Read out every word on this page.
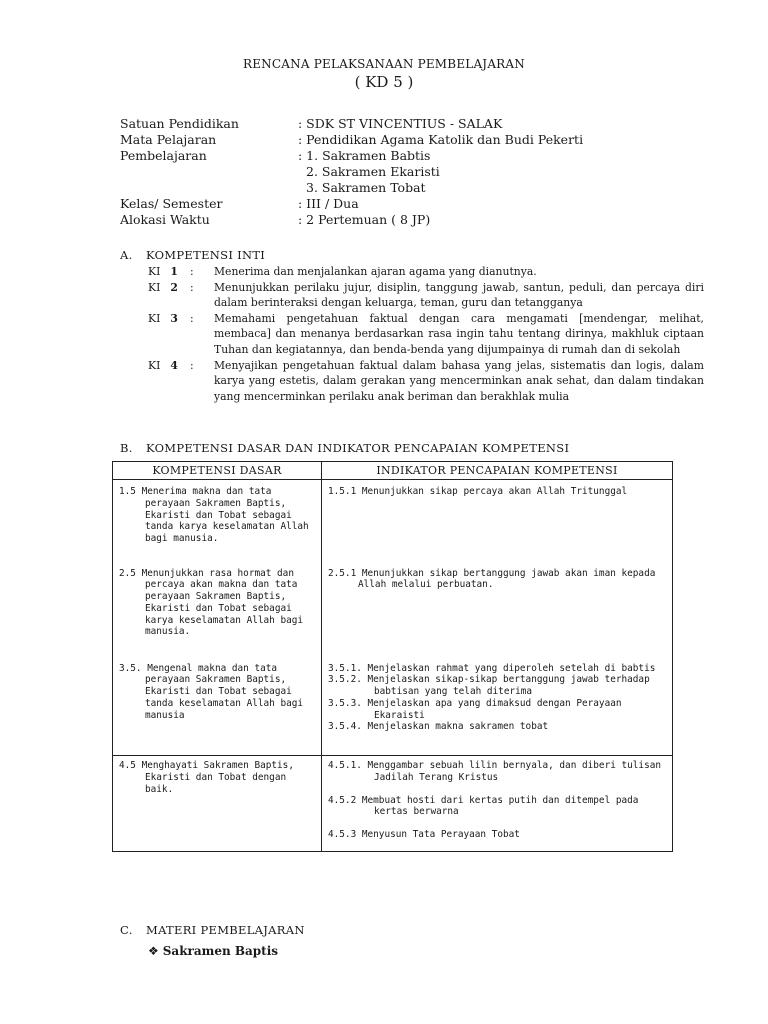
RENCANA PELAKSANAAN PEMBELAJARAN
( KD 5 )
Satuan Pendidikan	: SDK ST VINCENTIUS - SALAK
Mata Pelajaran	: Pendidikan Agama Katolik dan Budi Pekerti
Pembelajaran	: 1. Sakramen Babtis
2. Sakramen Ekaristi
3. Sakramen Tobat
Kelas/ Semester	: III / Dua
Alokasi Waktu	: 2 Pertemuan ( 8 JP)
A. KOMPETENSI INTI
KI 1	:	Menerima dan menjalankan ajaran agama yang dianutnya.
KI 2	:	Menunjukkan perilaku jujur, disiplin, tanggung jawab, santun, peduli, dan percaya diri dalam berinteraksi dengan keluarga, teman, guru dan tetangganya
KI 3	:	Memahami pengetahuan faktual dengan cara mengamati [mendengar, melihat, membaca] dan menanya berdasarkan rasa ingin tahu tentang dirinya, makhluk ciptaan Tuhan dan kegiatannya, dan benda-benda yang dijumpainya di rumah dan di sekolah
KI 4	:	Menyajikan pengetahuan faktual dalam bahasa yang jelas, sistematis dan logis, dalam karya yang estetis, dalam gerakan yang mencerminkan anak sehat, dan dalam tindakan yang mencerminkan perilaku anak beriman dan berakhlak mulia
B. KOMPETENSI DASAR DAN INDIKATOR PENCAPAIAN KOMPETENSI
KOMPETENSI DASAR	INDIKATOR PENCAPAIAN KOMPETENSI

1.5 Menerima makna dan tata perayaan Sakramen Baptis, Ekaristi dan Tobat sebagai tanda karya keselamatan Allah bagi manusia.	1.5.1 Menunjukkan sikap percaya akan Allah Tritunggal

2.5 Menunjukkan rasa hormat dan percaya akan makna dan tata perayaan Sakramen Baptis, Ekaristi dan Tobat sebagai karya keselamatan Allah bagi manusia.	2.5.1 Menunjukkan sikap bertanggung jawab akan iman kepada Allah melalui perbuatan.

3.5. Mengenal makna dan tata perayaan Sakramen Baptis, Ekaristi dan Tobat sebagai tanda keselamatan Allah bagi manusia	3.5.1. Menjelaskan rahmat yang diperoleh setelah di babtis
3.5.2. Menjelaskan sikap-sikap bertanggung jawab terhadap babtisan yang telah diterima
3.5.3. Menjelaskan apa yang dimaksud dengan Perayaan Ekaraisti
3.5.4. Menjelaskan makna sakramen tobat

4.5 Menghayati Sakramen Baptis, Ekaristi dan Tobat dengan baik.	4.5.1. Menggambar sebuah lilin bernyala, dan diberi tulisan Jadilah Terang Kristus
4.5.2 Membuat hosti dari kertas putih dan ditempel pada kertas berwarna
4.5.3 Menyusun Tata Perayaan Tobat
C. MATERI PEMBELAJARAN
❖ Sakramen Baptis
